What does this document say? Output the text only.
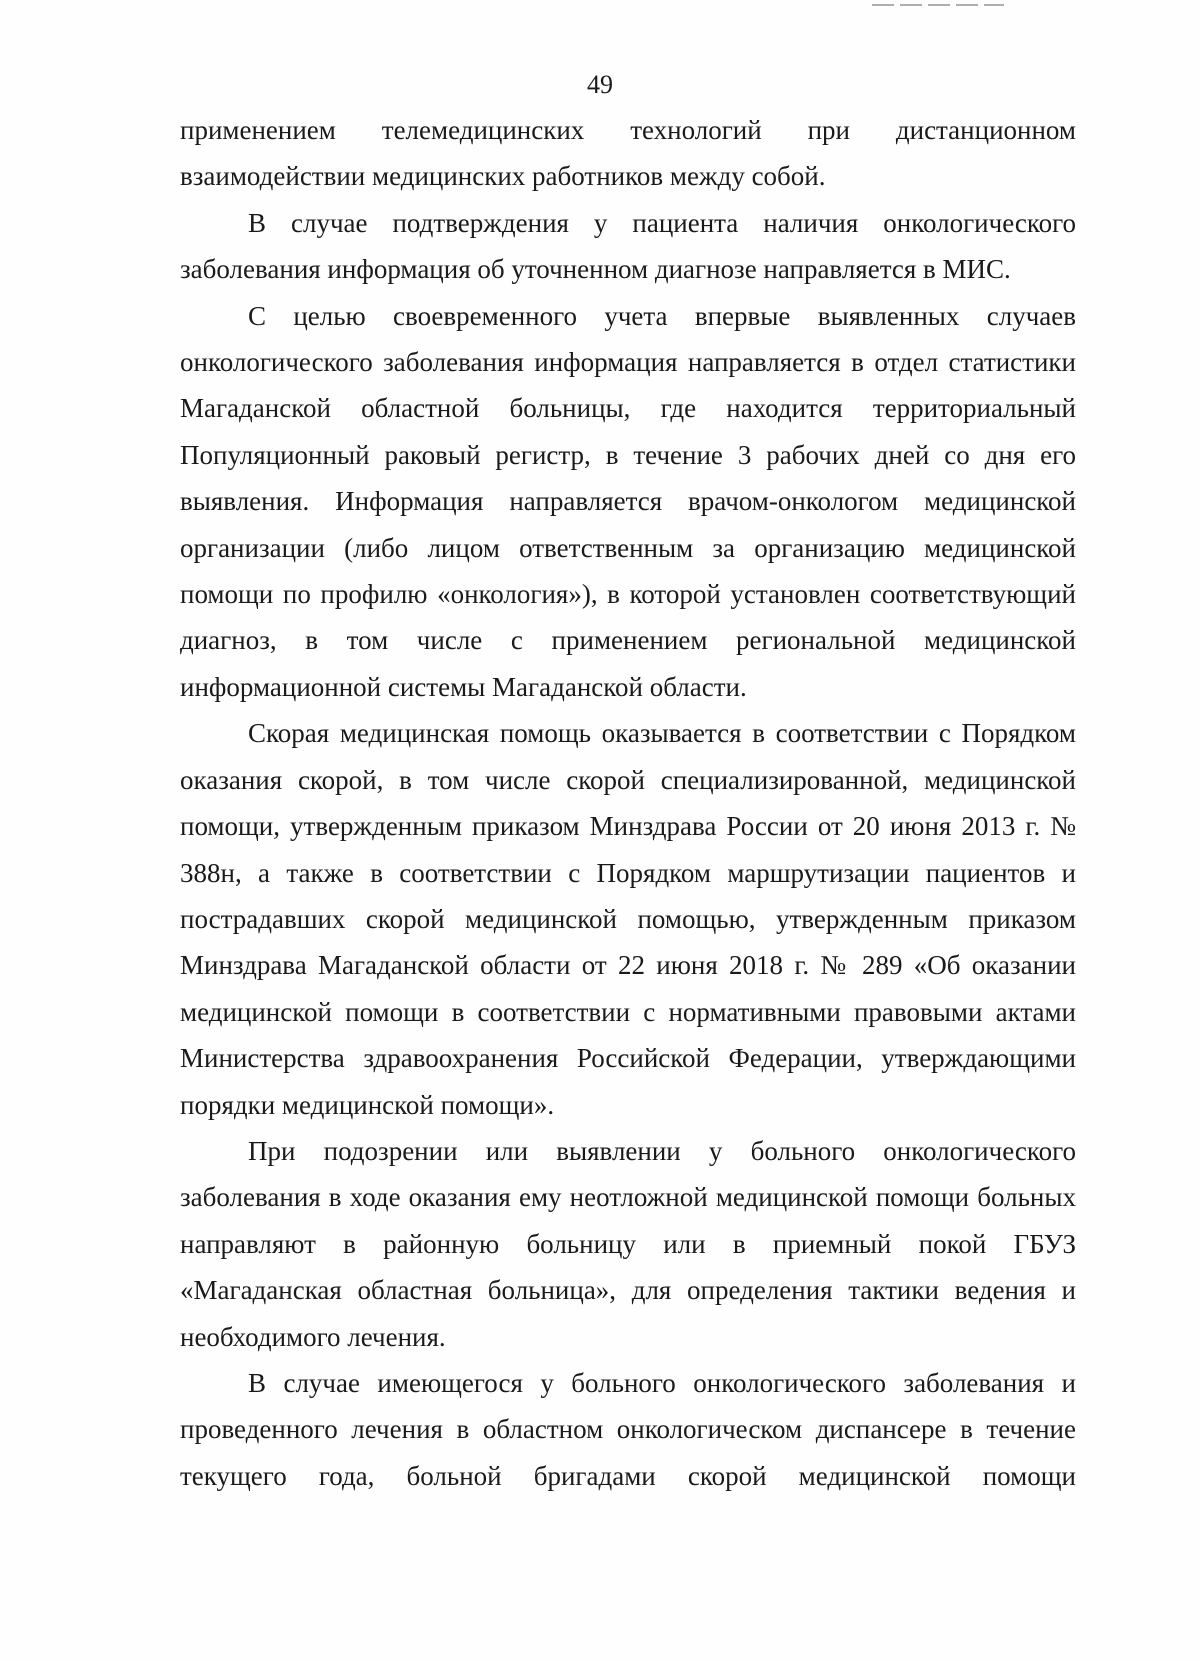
49

применением телемедицинских технологий при дистанционном взаимодействии медицинских работников между собой.

В случае подтверждения у пациента наличия онкологического заболевания информация об уточненном диагнозе направляется в МИС.

С целью своевременного учета впервые выявленных случаев онкологического заболевания информация направляется в отдел статистики Магаданской областной больницы, где находится территориальный Популяционный раковый регистр, в течение 3 рабочих дней со дня его выявления. Информация направляется врачом-онкологом медицинской организации (либо лицом ответственным за организацию медицинской помощи по профилю «онкология»), в которой установлен соответствующий диагноз, в том числе с применением региональной медицинской информационной системы Магаданской области.

Скорая медицинская помощь оказывается в соответствии с Порядком оказания скорой, в том числе скорой специализированной, медицинской помощи, утвержденным приказом Минздрава России от 20 июня 2013 г. № 388н, а также в соответствии с Порядком маршрутизации пациентов и пострадавших скорой медицинской помощью, утвержденным приказом Минздрава Магаданской области от 22 июня 2018 г. № 289 «Об оказании медицинской помощи в соответствии с нормативными правовыми актами Министерства здравоохранения Российской Федерации, утверждающими порядки медицинской помощи».

При подозрении или выявлении у больного онкологического заболевания в ходе оказания ему неотложной медицинской помощи больных направляют в районную больницу или в приемный покой ГБУЗ «Магаданская областная больница», для определения тактики ведения и необходимого лечения.

В случае имеющегося у больного онкологического заболевания и проведенного лечения в областном онкологическом диспансере в течение текущего года, больной бригадами скорой медицинской помощи
